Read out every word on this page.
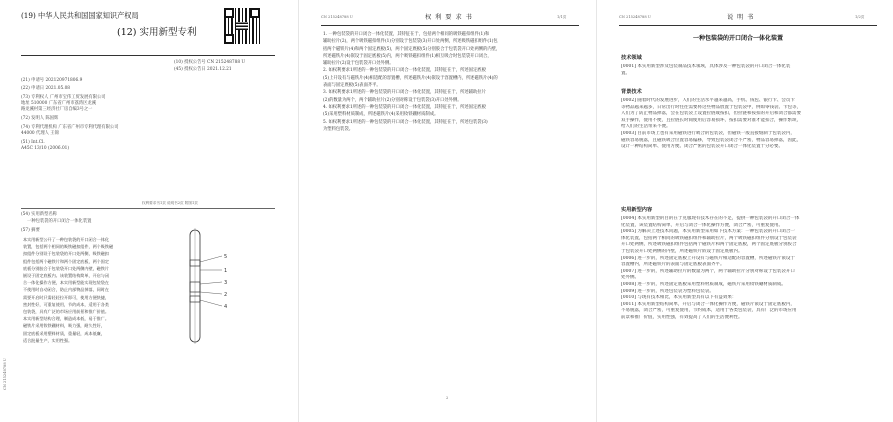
(19) 中华人民共和国国家知识产权局
(12) 实用新型专利
(10) 授权公告号 CN 215248788 U
(45) 授权公告日 2021.12.21
(21) 申请号 202120971806.9
(22) 申请日 2021.05.08
(73) 专利权人 广州市宝伟工贸发展有限公司
地址 510000 广东省广州市荔湾区龙溪
路龙溪村第三经济社厂房自编3号之一
(72) 发明人 陈国辉
(74) 专利代理机构 广东省广州市专利代理有限公司
44000 代理人 王锦
(51) Int.Cl.
A45C 13/10 (2006.01)
(54) 实用新型名称
一种包装袋的开口闭合一体化装置
(57) 摘要
本实用新型公开了一种包装袋的开口闭合一体化
装置，包括两个相同的吸铁磁扣组件，两个吸铁磁
扣组件分别设于包装袋的开口处两侧，吸铁磁扣
组件包括两个磁铁片和两个固定底板，两个固定
底板分别胶合于包装袋开口处两侧内壁，磁铁片
嵌设于固定底板内。该装置结构简单，开启与闭
合一体化操作方便，本实用新型能实现包装袋在
不使用时自动闭合，防止内部物品掉落，同时在
需要开启时只需轻轻拉开即可，使用方便快捷，
密封性好，可重复使用，节约成本，适用于各类
包装袋，具有广泛的市场应用前景和推广价值。
本实用新型结构合理，制造成本低，易于推广。
磁铁片采用钕铁硼材料，吸力强，耐久性好，
固定底板采用塑料材质，重量轻，成本低廉，
适合批量生产，实用性强。
5
1
3
2
4
CN 215248788 U
权利要求书1页 说明书2页 附图1页
CN 215248788 U	权 利 要 求 书	1/1页
1. 一种包装袋的开口闭合一体化装置，其特征在于，包括两个相同的吸铁磁扣组件(1)和
辅助拉片(2)，两个吸铁磁扣组件(1)分别设于包装袋(3)开口处两侧，所述吸铁磁扣组件(1)包
括两个磁铁片(4)和两个固定底板(5)，两个固定底板(5)分别胶合于包装袋开口处两侧的内壁，
所述磁铁片(4)嵌设于固定底板(5)内，两个吸铁磁扣组件(1)相互吸合时包装袋开口闭合，
辅助拉片(2)设于包装袋开口处外侧。
2. 如权利要求1所述的一种包装袋的开口闭合一体化装置，其特征在于，所述固定底板
(5)上开设有与磁铁片(4)相适配的容置槽，所述磁铁片(4)嵌设于容置槽内，所述磁铁片(4)的
表面与固定底板(5)表面齐平。
3. 如权利要求1所述的一种包装袋的开口闭合一体化装置，其特征在于，所述辅助拉片
(2)的数量为两个，两个辅助拉片(2)分别对称设于包装袋(3)开口处外侧。
4. 如权利要求1所述的一种包装袋的开口闭合一体化装置，其特征在于，所述固定底板
(5)采用塑料材质制成，所述磁铁片(4)采用钕铁硼材质制成。
5. 如权利要求1所述的一种包装袋的开口闭合一体化装置，其特征在于，所述包装袋(3)
为塑料包装袋。
2
CN 215248788 U	说 明 书	1/2页
一种包装袋的开口闭合一体化装置
技术领域
[0001] 本实用新型涉及包装制品技术领域，具体涉及一种包装袋的开口闭合一体化装
置。
背景技术
[0002] 随着时代的发展进步，人们的生活水平越来越高，手机、钱包、银行卡、会员卡
等物品越来越多，日常出行时往往需要将这些物品放置于包装袋中，例如零钱袋、卡包等，
人们为了防止物品掉落，会在包装袋上设置拉链或按扣，但拉链和按扣的开启和闭合都需要
双手操作，使用不便，且拉链长时间使用后容易损坏，按扣需要对准才能扣合，操作繁琐，
给人们的生活带来不便。
[0003] 目前市场上也有采用磁铁进行吸合的包装袋，但磁铁一般直接缝制于包装袋内，
磁铁容易脱落，且磁铁吸合位置容易偏移，导致包装袋闭合不严密，物品容易掉落，因此，
设计一种结构简单、使用方便、闭合严密的包装袋开口闭合一体化装置十分必要。
实用新型内容
[0004] 本实用新型的目的在于克服现有技术存在的不足，提供一种包装袋的开口闭合一体
化装置，该装置结构简单，开启与闭合一体化操作方便，闭合严密，可重复使用。
[0005] 为解决上述技术问题，本实用新型采用如下技术方案：一种包装袋的开口闭合一
体化装置，包括两个相同的吸铁磁扣组件和辅助拉片，两个吸铁磁扣组件分别设于包装袋
开口处两侧，所述吸铁磁扣组件包括两个磁铁片和两个固定底板，两个固定底板分别胶合
于包装袋开口处两侧的内壁，所述磁铁片嵌设于固定底板内。
[0006] 进一步的，所述固定底板上开设有与磁铁片相适配的容置槽，所述磁铁片嵌设于
容置槽内，所述磁铁片的表面与固定底板表面齐平。
[0007] 进一步的，所述辅助拉片的数量为两个，两个辅助拉片分别对称设于包装袋开口
处外侧。
[0008] 进一步的，所述固定底板采用塑料材质制成，磁铁片采用钕铁硼材质制成。
[0009] 进一步的，所述包装袋为塑料包装袋。
[0010] 与现有技术相比，本实用新型具有以下有益效果：
[0011] 本实用新型结构简单，开启与闭合一体化操作方便，磁铁片嵌设于固定底板内，
不易脱落，闭合严密，可重复使用，节约成本，适用于各类包装袋，具有广泛的市场应用
前景和推广价值，实用性强，有效提高了人们的生活便利性。
